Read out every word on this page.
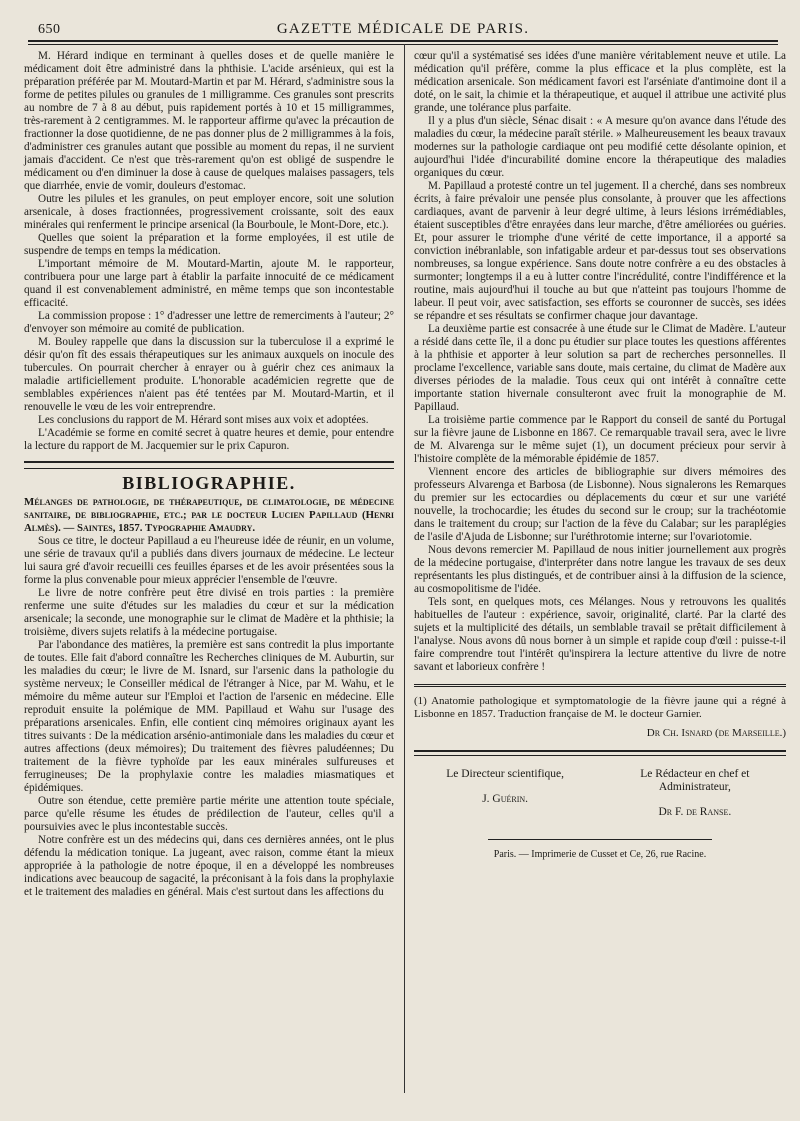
650	GAZETTE MÉDICALE DE PARIS.

M. Hérard indique en terminant à quelles doses et de quelle manière le médicament doit être administré dans la phthisie. L'acide arsénieux, qui est la préparation préférée par M. Moutard-Martin et par M. Hérard, s'administre sous la forme de petites pilules ou granules de 1 milligramme. Ces granules sont prescrits au nombre de 7 à 8 au début, puis rapidement portés à 10 et 15 milligrammes, très-rarement à 2 centigrammes. M. le rapporteur affirme qu'avec la précaution de fractionner la dose quotidienne, de ne pas donner plus de 2 milligrammes à la fois, d'administrer ces granules autant que possible au moment du repas, il ne survient jamais d'accident. Ce n'est que très-rarement qu'on est obligé de suspendre le médicament ou d'en diminuer la dose à cause de quelques malaises passagers, tels que diarrhée, envie de vomir, douleurs d'estomac.

Outre les pilules et les granules, on peut employer encore, soit une solution arsenicale, à doses fractionnées, progressivement croissante, soit des eaux minérales qui renferment le principe arsenical (la Bourboule, le Mont-Dore, etc.).

Quelles que soient la préparation et la forme employées, il est utile de suspendre de temps en temps la médication.

L'important mémoire de M. Moutard-Martin, ajoute M. le rapporteur, contribuera pour une large part à établir la parfaite innocuité de ce médicament quand il est convenablement administré, en même temps que son incontestable efficacité.

La commission propose : 1° d'adresser une lettre de remerciments à l'auteur; 2° d'envoyer son mémoire au comité de publication.

M. Bouley rappelle que dans la discussion sur la tuberculose il a exprimé le désir qu'on fît des essais thérapeutiques sur les animaux auxquels on inocule des tubercules. On pourrait chercher à enrayer ou à guérir chez ces animaux la maladie artificiellement produite. L'honorable académicien regrette que de semblables expériences n'aient pas été tentées par M. Moutard-Martin, et il renouvelle le vœu de les voir entreprendre.

Les conclusions du rapport de M. Hérard sont mises aux voix et adoptées.

L'Académie se forme en comité secret à quatre heures et demie, pour entendre la lecture du rapport de M. Jacquemier sur le prix Capuron.

BIBLIOGRAPHIE.

Mélanges de pathologie, de thérapeutique, de climatologie, de médecine sanitaire, de bibliographie, etc.; par le docteur Lucien Papillaud (Henri Almès). — Saintes, 1857. Typographie Amaudry.

Sous ce titre, le docteur Papillaud a eu l'heureuse idée de réunir, en un volume, une série de travaux qu'il a publiés dans divers journaux de médecine. Le lecteur lui saura gré d'avoir recueilli ces feuilles éparses et de les avoir présentées sous la forme la plus convenable pour mieux apprécier l'ensemble de l'œuvre.

Le livre de notre confrère peut être divisé en trois parties : la première renferme une suite d'études sur les maladies du cœur et sur la médication arsenicale; la seconde, une monographie sur le climat de Madère et la phthisie; la troisième, divers sujets relatifs à la médecine portugaise.

Par l'abondance des matières, la première est sans contredit la plus importante de toutes. Elle fait d'abord connaître les Recherches cliniques de M. Auburtin, sur les maladies du cœur; le livre de M. Isnard, sur l'arsenic dans la pathologie du système nerveux; le Conseiller médical de l'étranger à Nice, par M. Wahu, et le mémoire du même auteur sur l'Emploi et l'action de l'arsenic en médecine. Elle reproduit ensuite la polémique de MM. Papillaud et Wahu sur l'usage des préparations arsenicales. Enfin, elle contient cinq mémoires originaux ayant les titres suivants : De la médication arsénio-antimoniale dans les maladies du cœur et autres affections (deux mémoires); Du traitement des fièvres paludéennes; Du traitement de la fièvre typhoïde par les eaux minérales sulfureuses et ferrugineuses; De la prophylaxie contre les maladies miasmatiques et épidémiques.

Outre son étendue, cette première partie mérite une attention toute spéciale, parce qu'elle résume les études de prédilection de l'auteur, celles qu'il a poursuivies avec le plus incontestable succès.

Notre confrère est un des médecins qui, dans ces dernières années, ont le plus défendu la médication tonique. La jugeant, avec raison, comme étant la mieux appropriée à la pathologie de notre époque, il en a développé les nombreuses indications avec beaucoup de sagacité, la préconisant à la fois dans la prophylaxie et le traitement des maladies en général. Mais c'est surtout dans les affections du

cœur qu'il a systématisé ses idées d'une manière véritablement neuve et utile. La médication qu'il préfère, comme la plus efficace et la plus complète, est la médication arsenicale. Son médicament favori est l'arséniate d'antimoine dont il a doté, on le sait, la chimie et la thérapeutique, et auquel il attribue une activité plus grande, une tolérance plus parfaite.

Il y a plus d'un siècle, Sénac disait : « A mesure qu'on avance dans l'étude des maladies du cœur, la médecine paraît stérile. » Malheureusement les beaux travaux modernes sur la pathologie cardiaque ont peu modifié cette désolante opinion, et aujourd'hui l'idée d'incurabilité domine encore la thérapeutique des maladies organiques du cœur.

M. Papillaud a protesté contre un tel jugement. Il a cherché, dans ses nombreux écrits, à faire prévaloir une pensée plus consolante, à prouver que les affections cardiaques, avant de parvenir à leur degré ultime, à leurs lésions irrémédiables, étaient susceptibles d'être enrayées dans leur marche, d'être améliorées ou guéries. Et, pour assurer le triomphe d'une vérité de cette importance, il a apporté sa conviction inébranlable, son infatigable ardeur et par-dessus tout ses observations nombreuses, sa longue expérience. Sans doute notre confrère a eu des obstacles à surmonter; longtemps il a eu à lutter contre l'incrédulité, contre l'indifférence et la routine, mais aujourd'hui il touche au but que n'atteint pas toujours l'homme de labeur. Il peut voir, avec satisfaction, ses efforts se couronner de succès, ses idées se répandre et ses résultats se confirmer chaque jour davantage.

La deuxième partie est consacrée à une étude sur le Climat de Madère. L'auteur a résidé dans cette île, il a donc pu étudier sur place toutes les questions afférentes à la phthisie et apporter à leur solution sa part de recherches personnelles. Il proclame l'excellence, variable sans doute, mais certaine, du climat de Madère aux diverses périodes de la maladie. Tous ceux qui ont intérêt à connaître cette importante station hivernale consulteront avec fruit la monographie de M. Papillaud.

La troisième partie commence par le Rapport du conseil de santé du Portugal sur la fièvre jaune de Lisbonne en 1867. Ce remarquable travail sera, avec le livre de M. Alvarenga sur le même sujet (1), un document précieux pour servir à l'histoire complète de la mémorable épidémie de 1857.

Viennent encore des articles de bibliographie sur divers mémoires des professeurs Alvarenga et Barbosa (de Lisbonne). Nous signalerons les Remarques du premier sur les ectocardies ou déplacements du cœur et sur une variété nouvelle, la trochocardie; les études du second sur le croup; sur la trachéotomie dans le traitement du croup; sur l'action de la fève du Calabar; sur les paraplégies de l'asile d'Ajuda de Lisbonne; sur l'uréthrotomie interne; sur l'ovariotomie.

Nous devons remercier M. Papillaud de nous initier journellement aux progrès de la médecine portugaise, d'interpréter dans notre langue les travaux de ses deux représentants les plus distingués, et de contribuer ainsi à la diffusion de la science, au cosmopolitisme de l'idée.

Tels sont, en quelques mots, ces Mélanges. Nous y retrouvons les qualités habituelles de l'auteur : expérience, savoir, originalité, clarté. Par la clarté des sujets et la multiplicité des détails, un semblable travail se prêtait difficilement à l'analyse. Nous avons dû nous borner à un simple et rapide coup d'œil : puisse-t-il faire comprendre tout l'intérêt qu'inspirera la lecture attentive du livre de notre savant et laborieux confrère !

(1) Anatomie pathologique et symptomatologie de la fièvre jaune qui a régné à Lisbonne en 1857. Traduction française de M. le docteur Garnier.

Dr Ch. Isnard (de Marseille.)
Le Directeur scientifique,
J. Guérin.
Le Rédacteur en chef et Administrateur,
Dr F. de Ranse.
Paris. — Imprimerie de Cusset et Ce, 26, rue Racine.
